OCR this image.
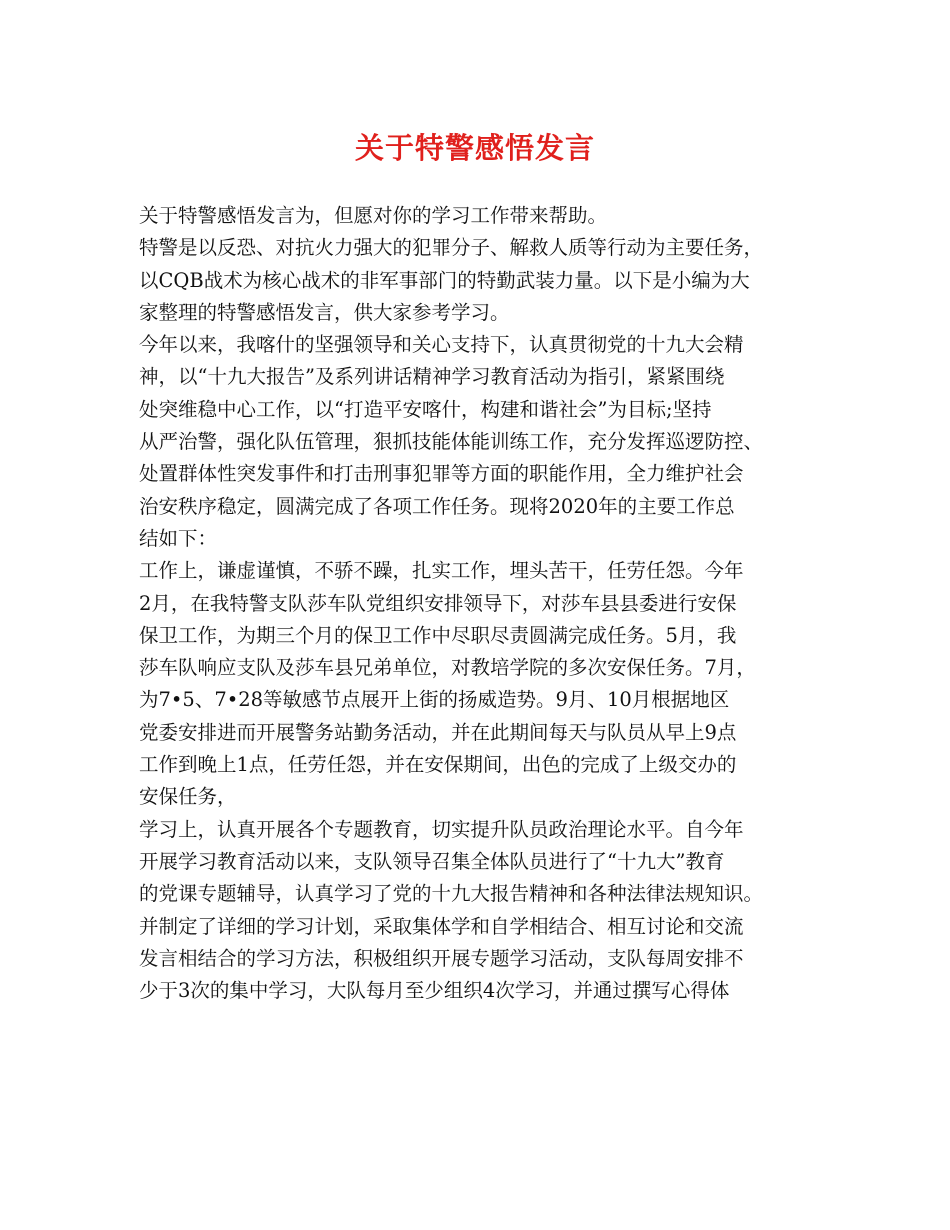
关于特警感悟发言
关于特警感悟发言为，但愿对你的学习工作带来帮助。
特警是以反恐、对抗火力强大的犯罪分子、解救人质等行动为主要任务，
以CQB战术为核心战术的非军事部门的特勤武装力量。以下是小编为大
家整理的特警感悟发言，供大家参考学习。
今年以来，我喀什的坚强领导和关心支持下，认真贯彻党的十九大会精
神，以“十九大报告”及系列讲话精神学习教育活动为指引，紧紧围绕
处突维稳中心工作，以“打造平安喀什，构建和谐社会”为目标;坚持
从严治警，强化队伍管理，狠抓技能体能训练工作，充分发挥巡逻防控、
处置群体性突发事件和打击刑事犯罪等方面的职能作用，全力维护社会
治安秩序稳定，圆满完成了各项工作任务。现将2020年的主要工作总
结如下：
工作上，谦虚谨慎，不骄不躁，扎实工作，埋头苦干，任劳任怨。今年
2月，在我特警支队莎车队党组织安排领导下，对莎车县县委进行安保
保卫工作，为期三个月的保卫工作中尽职尽责圆满完成任务。5月，我
莎车队响应支队及莎车县兄弟单位，对教培学院的多次安保任务。7月，
为7•5、7•28等敏感节点展开上街的扬威造势。9月、10月根据地区
党委安排进而开展警务站勤务活动，并在此期间每天与队员从早上9点
工作到晚上1点，任劳任怨，并在安保期间，出色的完成了上级交办的
安保任务，
学习上，认真开展各个专题教育，切实提升队员政治理论水平。自今年
开展学习教育活动以来，支队领导召集全体队员进行了“十九大”教育
的党课专题辅导，认真学习了党的十九大报告精神和各种法律法规知识。
并制定了详细的学习计划，采取集体学和自学相结合、相互讨论和交流
发言相结合的学习方法，积极组织开展专题学习活动，支队每周安排不
少于3次的集中学习，大队每月至少组织4次学习，并通过撰写心得体
